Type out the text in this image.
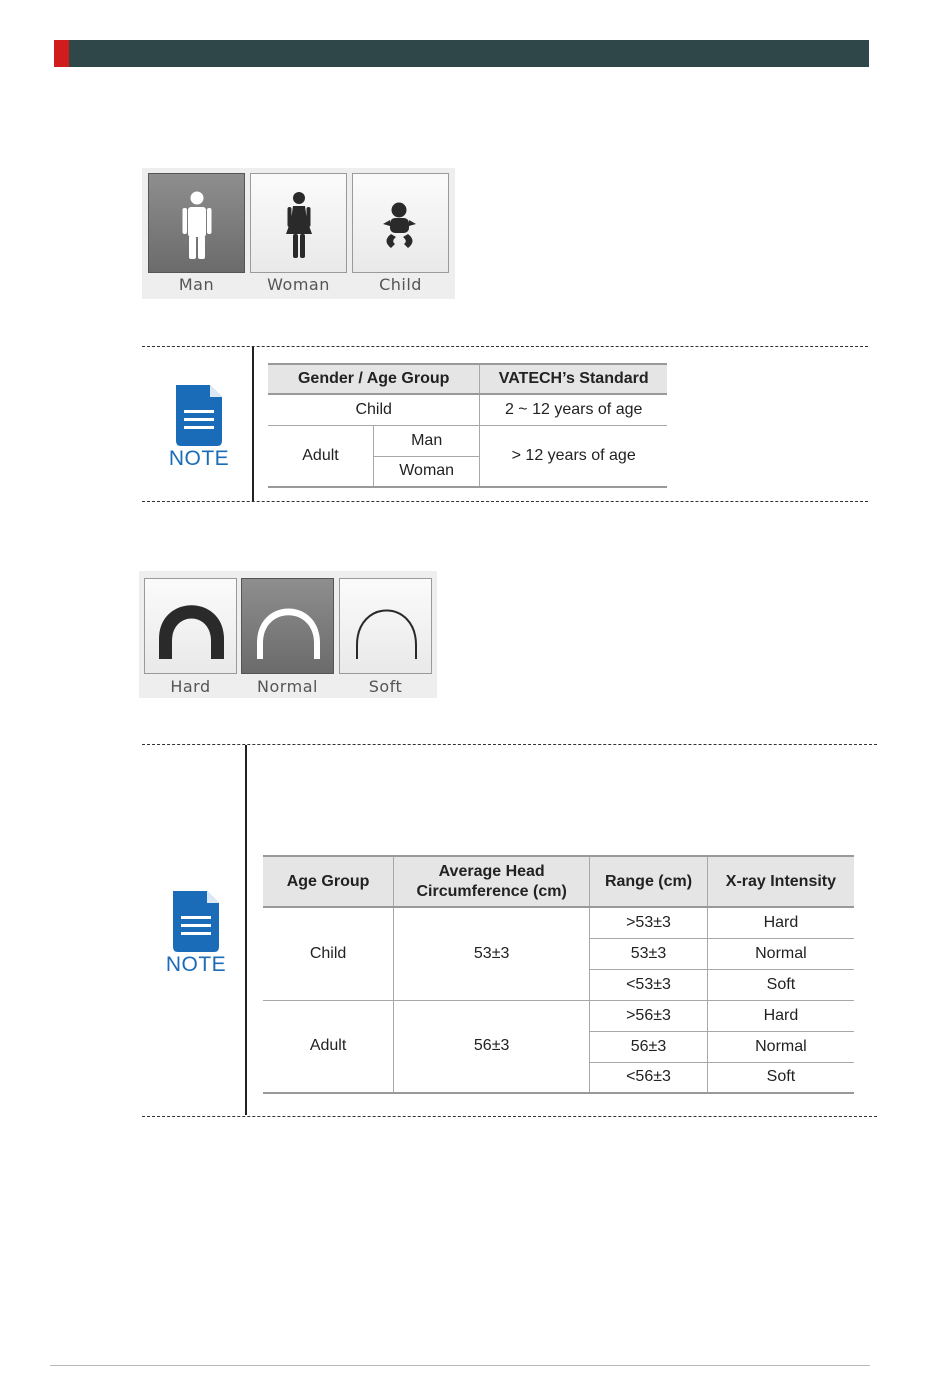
Man	Woman	Child
NOTE
Gender / Age Group		VATECH’s Standard
Child		2 ~ 12 years of age
Adult	Man	> 12 years of age
	Woman	
Hard	Normal	Soft
NOTE
Age Group	Average Head Circumference (cm)	Range (cm)	X-ray Intensity
Child	53±3	>53±3	Hard
		53±3	Normal
		<53±3	Soft
Adult	56±3	>56±3	Hard
		56±3	Normal
		<56±3	Soft
